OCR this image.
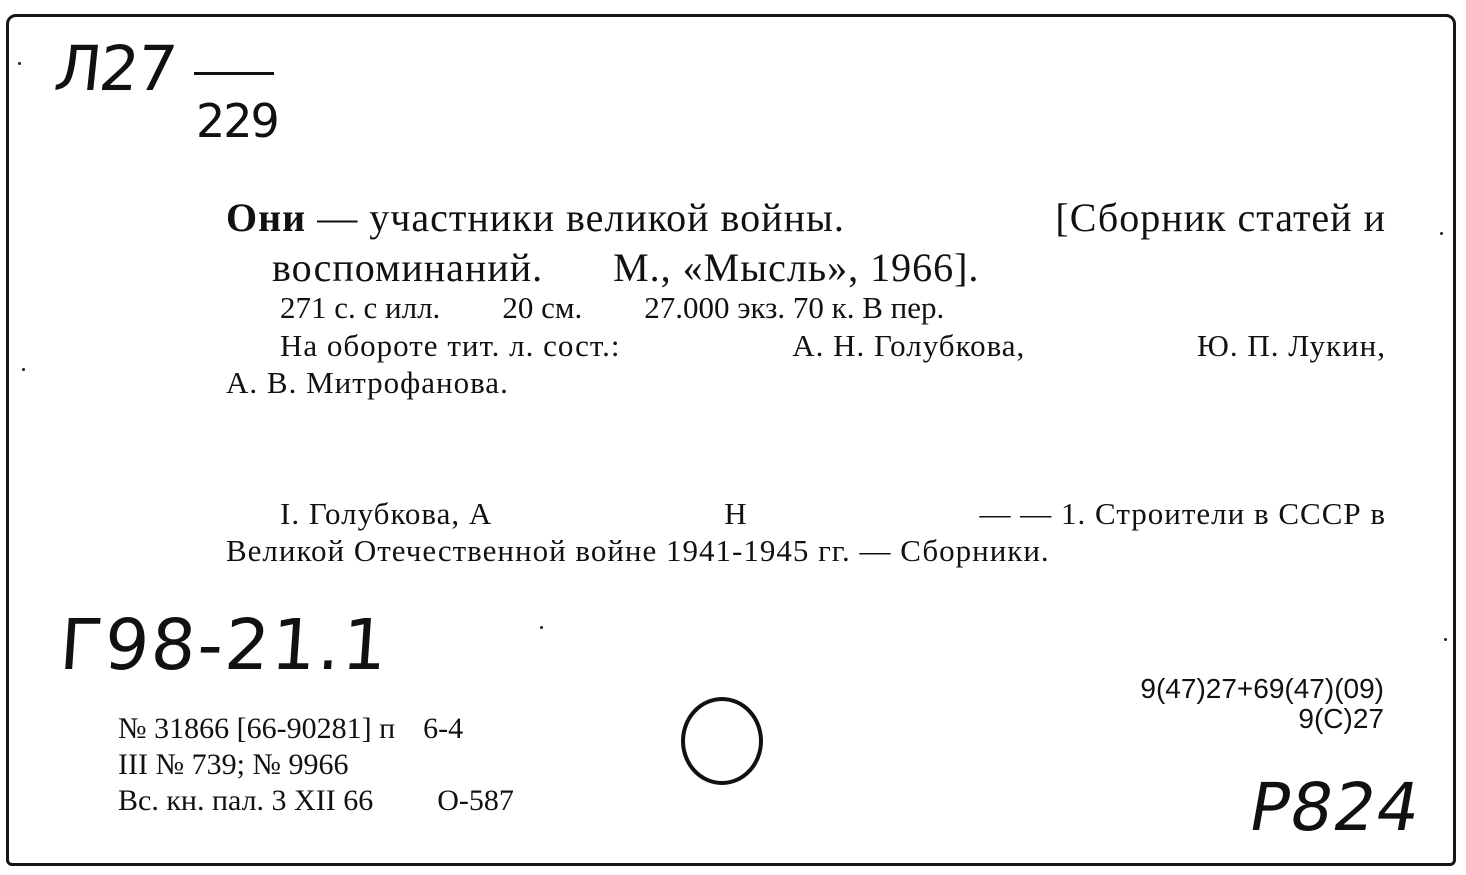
Л27
229
Они — участники великой войны.	[Сборник статей и
воспоминаний. М., «Мысль», 1966].
271 с. с илл. 20 см. 27.000 экз. 70 к. В пер.
На обороте тит. л. сост.:	А. Н. Голубкова,	Ю. П. Лукин,
А. В. Митрофанова.
I. Голубкова, А	Н	— — 1. Строители в СССР в
Великой Отечественной войне 1941-1945 гг. — Сборники.
Г98-21.1
9(47)27+69(47)(09)
9(С)27
№ 31866 [66-90281] п 6-4
III № 739; № 9966
Вс. кн. пал. 3 XII 66 О-587	Р824
